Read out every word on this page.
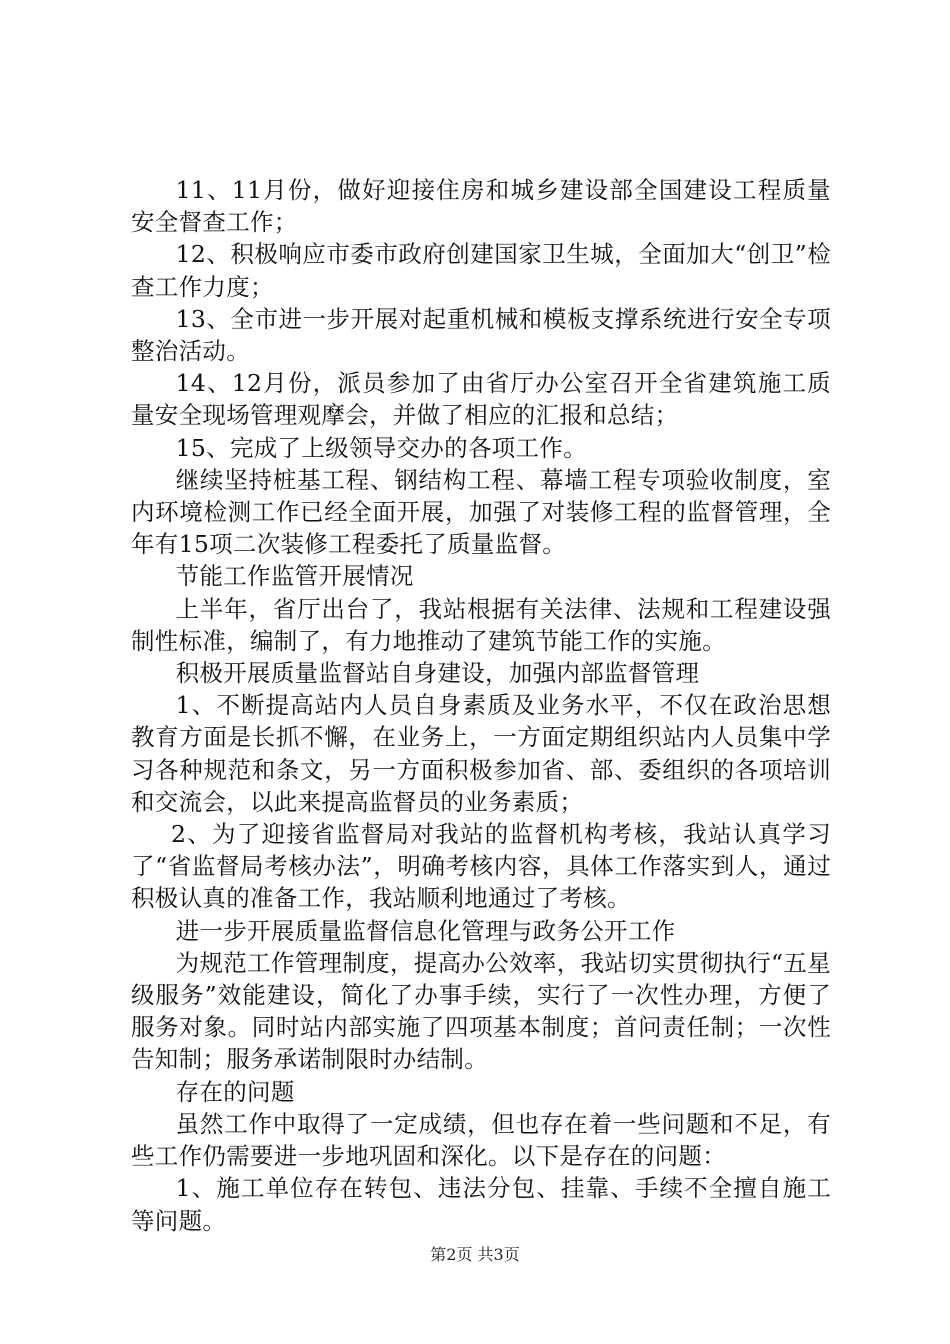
11、11月份，做好迎接住房和城乡建设部全国建设工程质量安全督查工作；

12、积极响应市委市政府创建国家卫生城，全面加大“创卫”检查工作力度；

13、全市进一步开展对起重机械和模板支撑系统进行安全专项整治活动。

14、12月份，派员参加了由省厅办公室召开全省建筑施工质量安全现场管理观摩会，并做了相应的汇报和总结；

15、完成了上级领导交办的各项工作。

继续坚持桩基工程、钢结构工程、幕墙工程专项验收制度，室内环境检测工作已经全面开展，加强了对装修工程的监督管理，全年有15项二次装修工程委托了质量监督。

节能工作监管开展情况

上半年，省厅出台了，我站根据有关法律、法规和工程建设强制性标准，编制了，有力地推动了建筑节能工作的实施。

积极开展质量监督站自身建设，加强内部监督管理

1、不断提高站内人员自身素质及业务水平，不仅在政治思想教育方面是长抓不懈，在业务上，一方面定期组织站内人员集中学习各种规范和条文，另一方面积极参加省、部、委组织的各项培训和交流会，以此来提高监督员的业务素质；

2、为了迎接省监督局对我站的监督机构考核，我站认真学习了“省监督局考核办法”，明确考核内容，具体工作落实到人，通过积极认真的准备工作，我站顺利地通过了考核。

进一步开展质量监督信息化管理与政务公开工作

为规范工作管理制度，提高办公效率，我站切实贯彻执行“五星级服务”效能建设，简化了办事手续，实行了一次性办理，方便了服务对象。同时站内部实施了四项基本制度；首问责任制；一次性告知制；服务承诺制限时办结制。

存在的问题

虽然工作中取得了一定成绩，但也存在着一些问题和不足，有些工作仍需要进一步地巩固和深化。以下是存在的问题：

1、施工单位存在转包、违法分包、挂靠、手续不全擅自施工等问题。

第2页 共3页
